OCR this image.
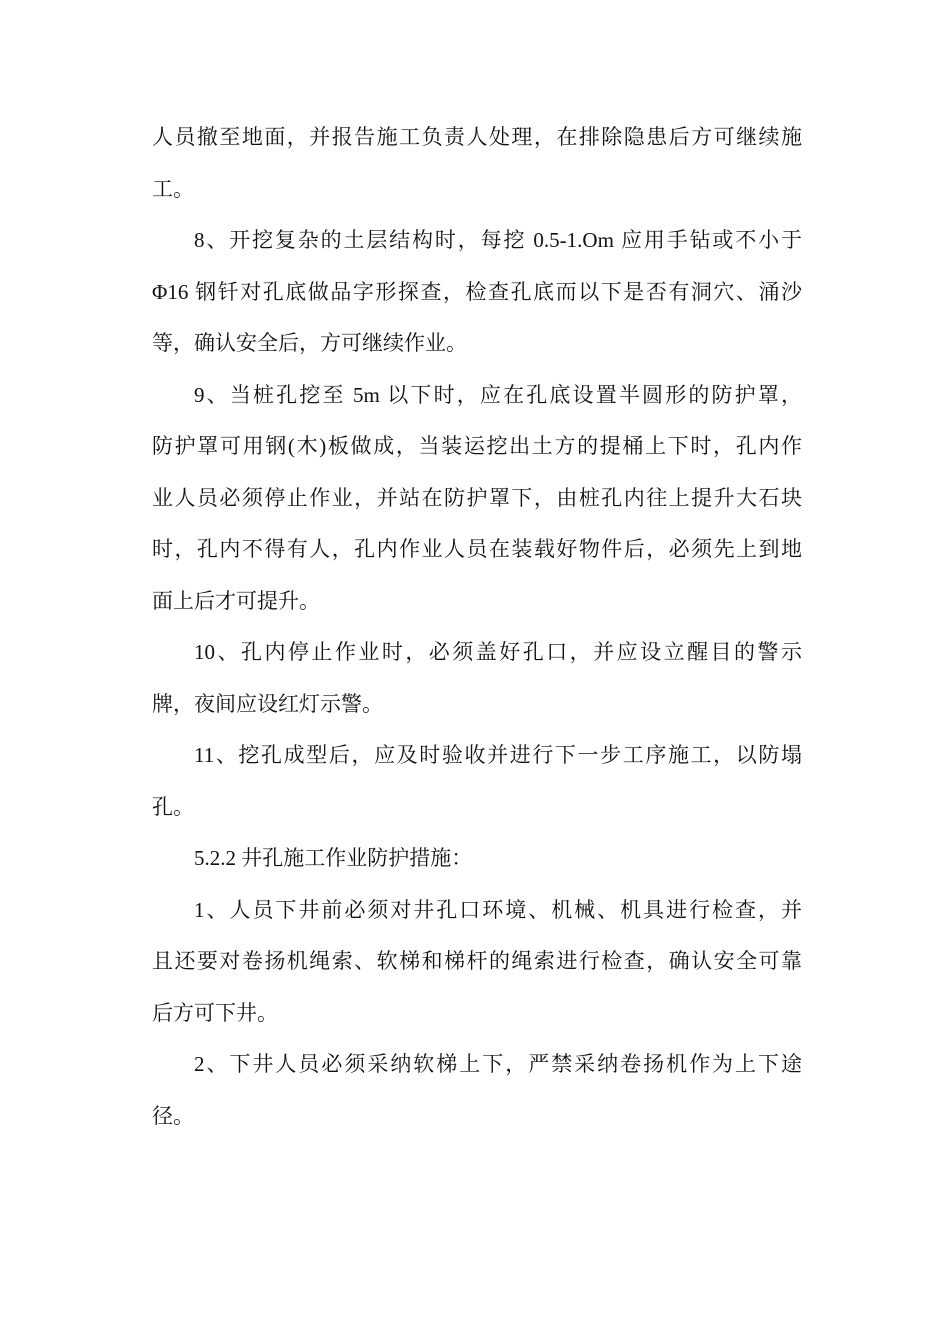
人员撤至地面，并报告施工负责人处理，在排除隐患后方可继续施
工。
8、开挖复杂的土层结构时，每挖 0.5-1.Om 应用手钻或不小于
Φ16 钢钎对孔底做品字形探查，检查孔底而以下是否有洞穴、涌沙
等，确认安全后，方可继续作业。
9、当桩孔挖至 5m 以下时，应在孔底设置半圆形的防护罩，
防护罩可用钢(木)板做成，当装运挖出土方的提桶上下时，孔内作
业人员必须停止作业，并站在防护罩下，由桩孔内往上提升大石块
时，孔内不得有人，孔内作业人员在装载好物件后，必须先上到地
面上后才可提升。
10、孔内停止作业时，必须盖好孔口，并应设立醒目的警示
牌，夜间应设红灯示警。
11、挖孔成型后，应及时验收并进行下一步工序施工，以防塌
孔。
5.2.2 井孔施工作业防护措施：
1、人员下井前必须对井孔口环境、机械、机具进行检查，并
且还要对卷扬机绳索、软梯和梯杆的绳索进行检查，确认安全可靠
后方可下井。
2、下井人员必须采纳软梯上下，严禁采纳卷扬机作为上下途
径。
